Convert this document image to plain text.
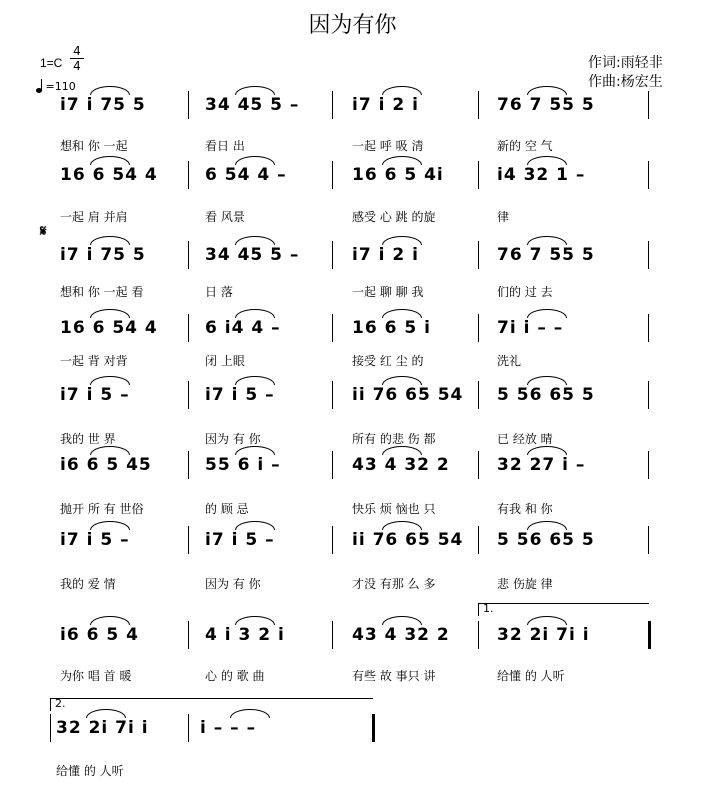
因为有你
$1=C \frac{4}{4}$
=110
作词:雨轻非
作曲:杨宏生
𝄋
i7 i 75 5	34 45 5 –	i7 i 2 i	76 7 55 5
想和 你 一起	看日 出	一起 呼 吸 清	新的 空 气
16 6 54 4	6 54 4 –	16 6 5 4i	i4 32 1 –
一起 肩 并肩	看 风景	感受 心 跳 的旋	律
i7 i 75 5	34 45 5 –	i7 i 2 i	76 7 55 5
想和 你 一起 看	日 落	一起 聊 聊 我	们的 过 去
16 6 54 4	6 i4 4 –	16 6 5 i	7i i – –
一起 背 对背	闭 上眼	接受 红 尘 的	洗礼
i7 i 5 –	i7 i 5 –	ii 76 65 54 5 56 65 5
我的 世 界	因为 有 你	所有 的悲 伤 都	已 经放 晴
i6 6 5 45	55 6 i –	43 4 32 2	32 27 i –
抛开 所 有 世俗	的 顾 忌	快乐 烦 恼也 只	有我 和 你
i7 i 5 –	i7 i 5 –	ii 76 65 54 5 56 65 5
我的 爱 情	因为 有 你	才没 有那 么 多	悲 伤旋 律
i6 6 5 4	4 i 3 2 i	43 4 32 2	32 2i 7i i
为你 唱 首 暖	心 的 歌 曲	有些 故 事只 讲	给懂 的 人听
32 2i 7i i	i – – –
给懂 的 人听
1.
2.
